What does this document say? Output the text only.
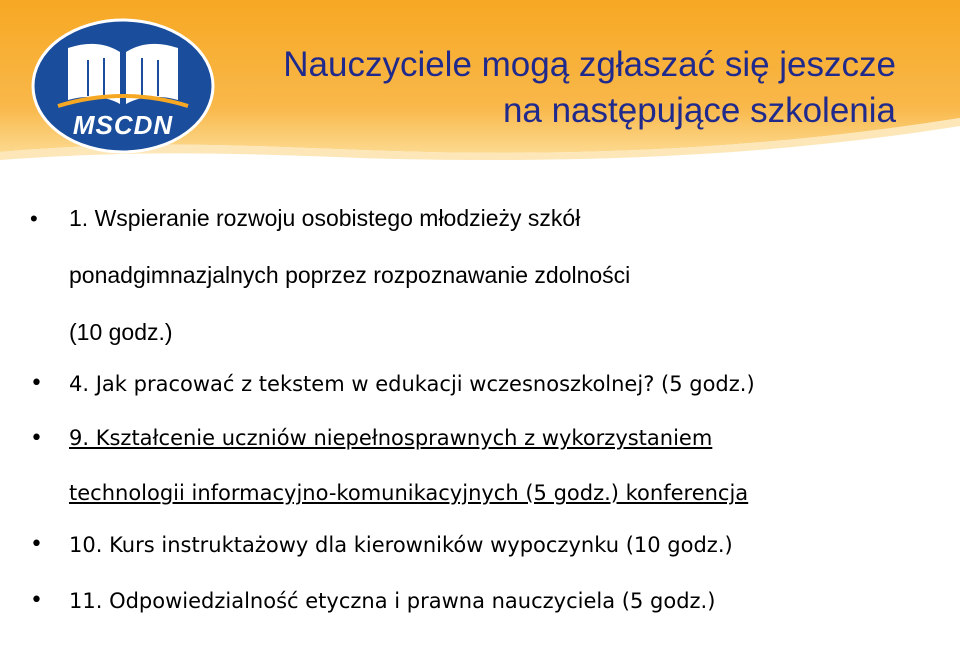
MSCDN
Nauczyciele mogą zgłaszać się jeszcze
na następujące szkolenia
• 1. Wspieranie rozwoju osobistego młodzieży szkół
ponadgimnazjalnych poprzez rozpoznawanie zdolności
(10 godz.)
• 4. Jak pracować z tekstem w edukacji wczesnoszkolnej? (5 godz.)
• 9. Kształcenie uczniów niepełnosprawnych z wykorzystaniem
technologii informacyjno-komunikacyjnych (5 godz.) konferencja
• 10. Kurs instruktażowy dla kierowników wypoczynku (10 godz.)
• 11. Odpowiedzialność etyczna i prawna nauczyciela (5 godz.)
